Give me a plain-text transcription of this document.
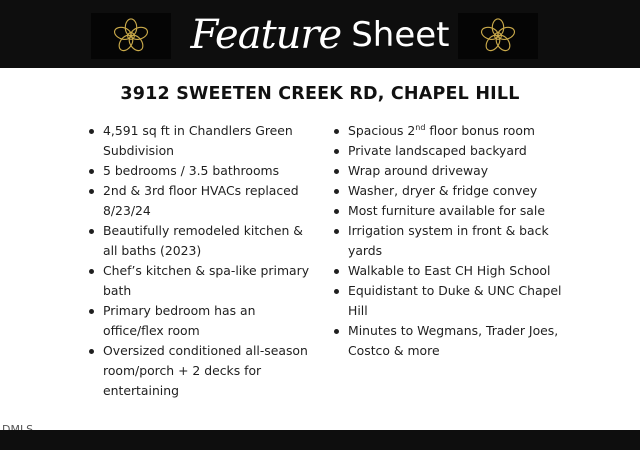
Feature Sheet
3912 SWEETEN CREEK RD, CHAPEL HILL
4,591 sq ft in Chandlers Green Subdivision
5 bedrooms / 3.5 bathrooms
2nd & 3rd floor HVACs replaced 8/23/24
Beautifully remodeled kitchen & all baths (2023)
Chef’s kitchen & spa-like primary bath
Primary bedroom has an office/flex room
Oversized conditioned all-season room/porch + 2 decks for entertaining
Spacious 2nd floor bonus room
Private landscaped backyard
Wrap around driveway
Washer, dryer & fridge convey
Most furniture available for sale
Irrigation system in front & back yards
Walkable to East CH High School
Equidistant to Duke & UNC Chapel Hill
Minutes to Wegmans, Trader Joes, Costco & more
